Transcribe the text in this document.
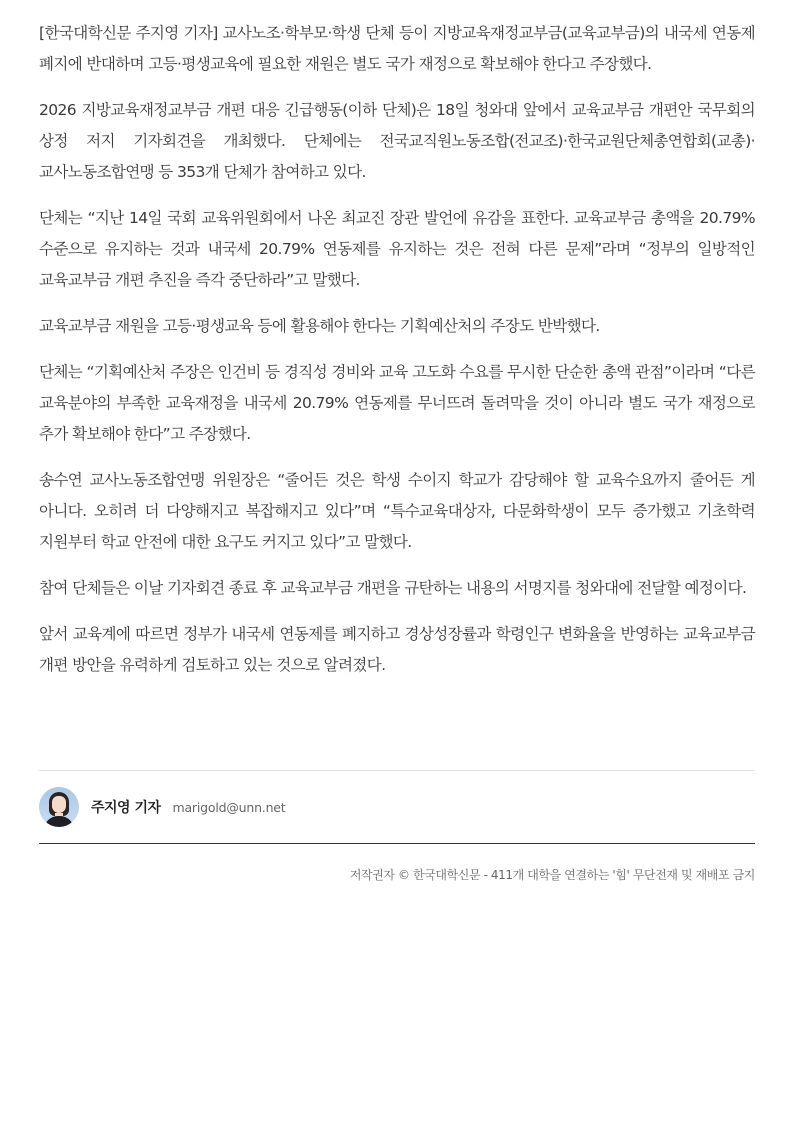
[한국대학신문 주지영 기자] 교사노조·학부모·학생 단체 등이 지방교육재정교부금(교육교부금)의 내국세 연동제 폐지에 반대하며 고등·평생교육에 필요한 재원은 별도 국가 재정으로 확보해야 한다고 주장했다.

2026 지방교육재정교부금 개편 대응 긴급행동(이하 단체)은 18일 청와대 앞에서 교육교부금 개편안 국무회의 상정 저지 기자회견을 개최했다. 단체에는 전국교직원노동조합(전교조)·한국교원단체총연합회(교총)·교사노동조합연맹 등 353개 단체가 참여하고 있다.

단체는 “지난 14일 국회 교육위원회에서 나온 최교진 장관 발언에 유감을 표한다. 교육교부금 총액을 20.79% 수준으로 유지하는 것과 내국세 20.79% 연동제를 유지하는 것은 전혀 다른 문제”라며 “정부의 일방적인 교육교부금 개편 추진을 즉각 중단하라”고 말했다.

교육교부금 재원을 고등·평생교육 등에 활용해야 한다는 기획예산처의 주장도 반박했다.

단체는 “기획예산처 주장은 인건비 등 경직성 경비와 교육 고도화 수요를 무시한 단순한 총액 관점”이라며 “다른 교육분야의 부족한 교육재정을 내국세 20.79% 연동제를 무너뜨려 돌려막을 것이 아니라 별도 국가 재정으로 추가 확보해야 한다”고 주장했다.

송수연 교사노동조합연맹 위원장은 “줄어든 것은 학생 수이지 학교가 감당해야 할 교육수요까지 줄어든 게 아니다. 오히려 더 다양해지고 복잡해지고 있다”며 “특수교육대상자, 다문화학생이 모두 증가했고 기초학력 지원부터 학교 안전에 대한 요구도 커지고 있다”고 말했다.

참여 단체들은 이날 기자회견 종료 후 교육교부금 개편을 규탄하는 내용의 서명지를 청와대에 전달할 예정이다.

앞서 교육계에 따르면 정부가 내국세 연동제를 폐지하고 경상성장률과 학령인구 변화율을 반영하는 교육교부금 개편 방안을 유력하게 검토하고 있는 것으로 알려졌다.

주지영 기자 marigold@unn.net
저작권자 © 한국대학신문 - 411개 대학을 연결하는 '힘' 무단전재 및 재배포 금지
